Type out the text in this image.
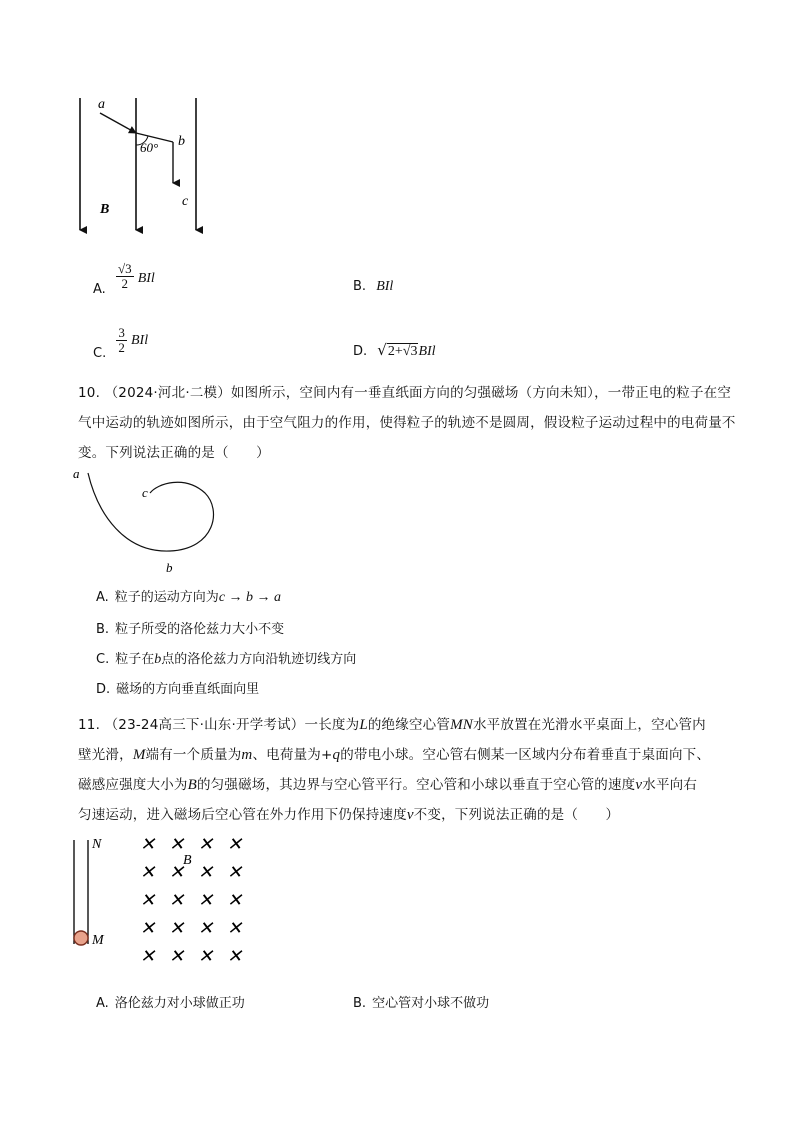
a
b
c
B
60°
A. $\frac{√3}{2}$ BIl
B. BIl
C. $\frac{3}{2}$ BIl
D. √2+√3BIl
10. （2024·河北·二模）如图所示，空间内有一垂直纸面方向的匀强磁场（方向未知），一带正电的粒子在空气中运动的轨迹如图所示，由于空气阻力的作用，使得粒子的轨迹不是圆周，假设粒子运动过程中的电荷量不变。下列说法正确的是（　　）
a
c
b
A. 粒子的运动方向为c → b → a
B. 粒子所受的洛伦兹力大小不变
C. 粒子在b点的洛伦兹力方向沿轨迹切线方向
D. 磁场的方向垂直纸面向里
11. （23-24高三下·山东·开学考试）一长度为L的绝缘空心管MN水平放置在光滑水平桌面上，空心管内
壁光滑，M端有一个质量为m、电荷量为+q的带电小球。空心管右侧某一区域内分布着垂直于桌面向下、
磁感应强度大小为B的匀强磁场，其边界与空心管平行。空心管和小球以垂直于空心管的速度v水平向右
匀速运动，进入磁场后空心管在外力作用下仍保持速度v不变，下列说法正确的是（　　）
N
M
B
✕ ✕ ✕ ✕
✕ ✕ ✕ ✕
✕ ✕ ✕ ✕
✕ ✕ ✕ ✕
✕ ✕ ✕ ✕
A. 洛伦兹力对小球做正功	B. 空心管对小球不做功
